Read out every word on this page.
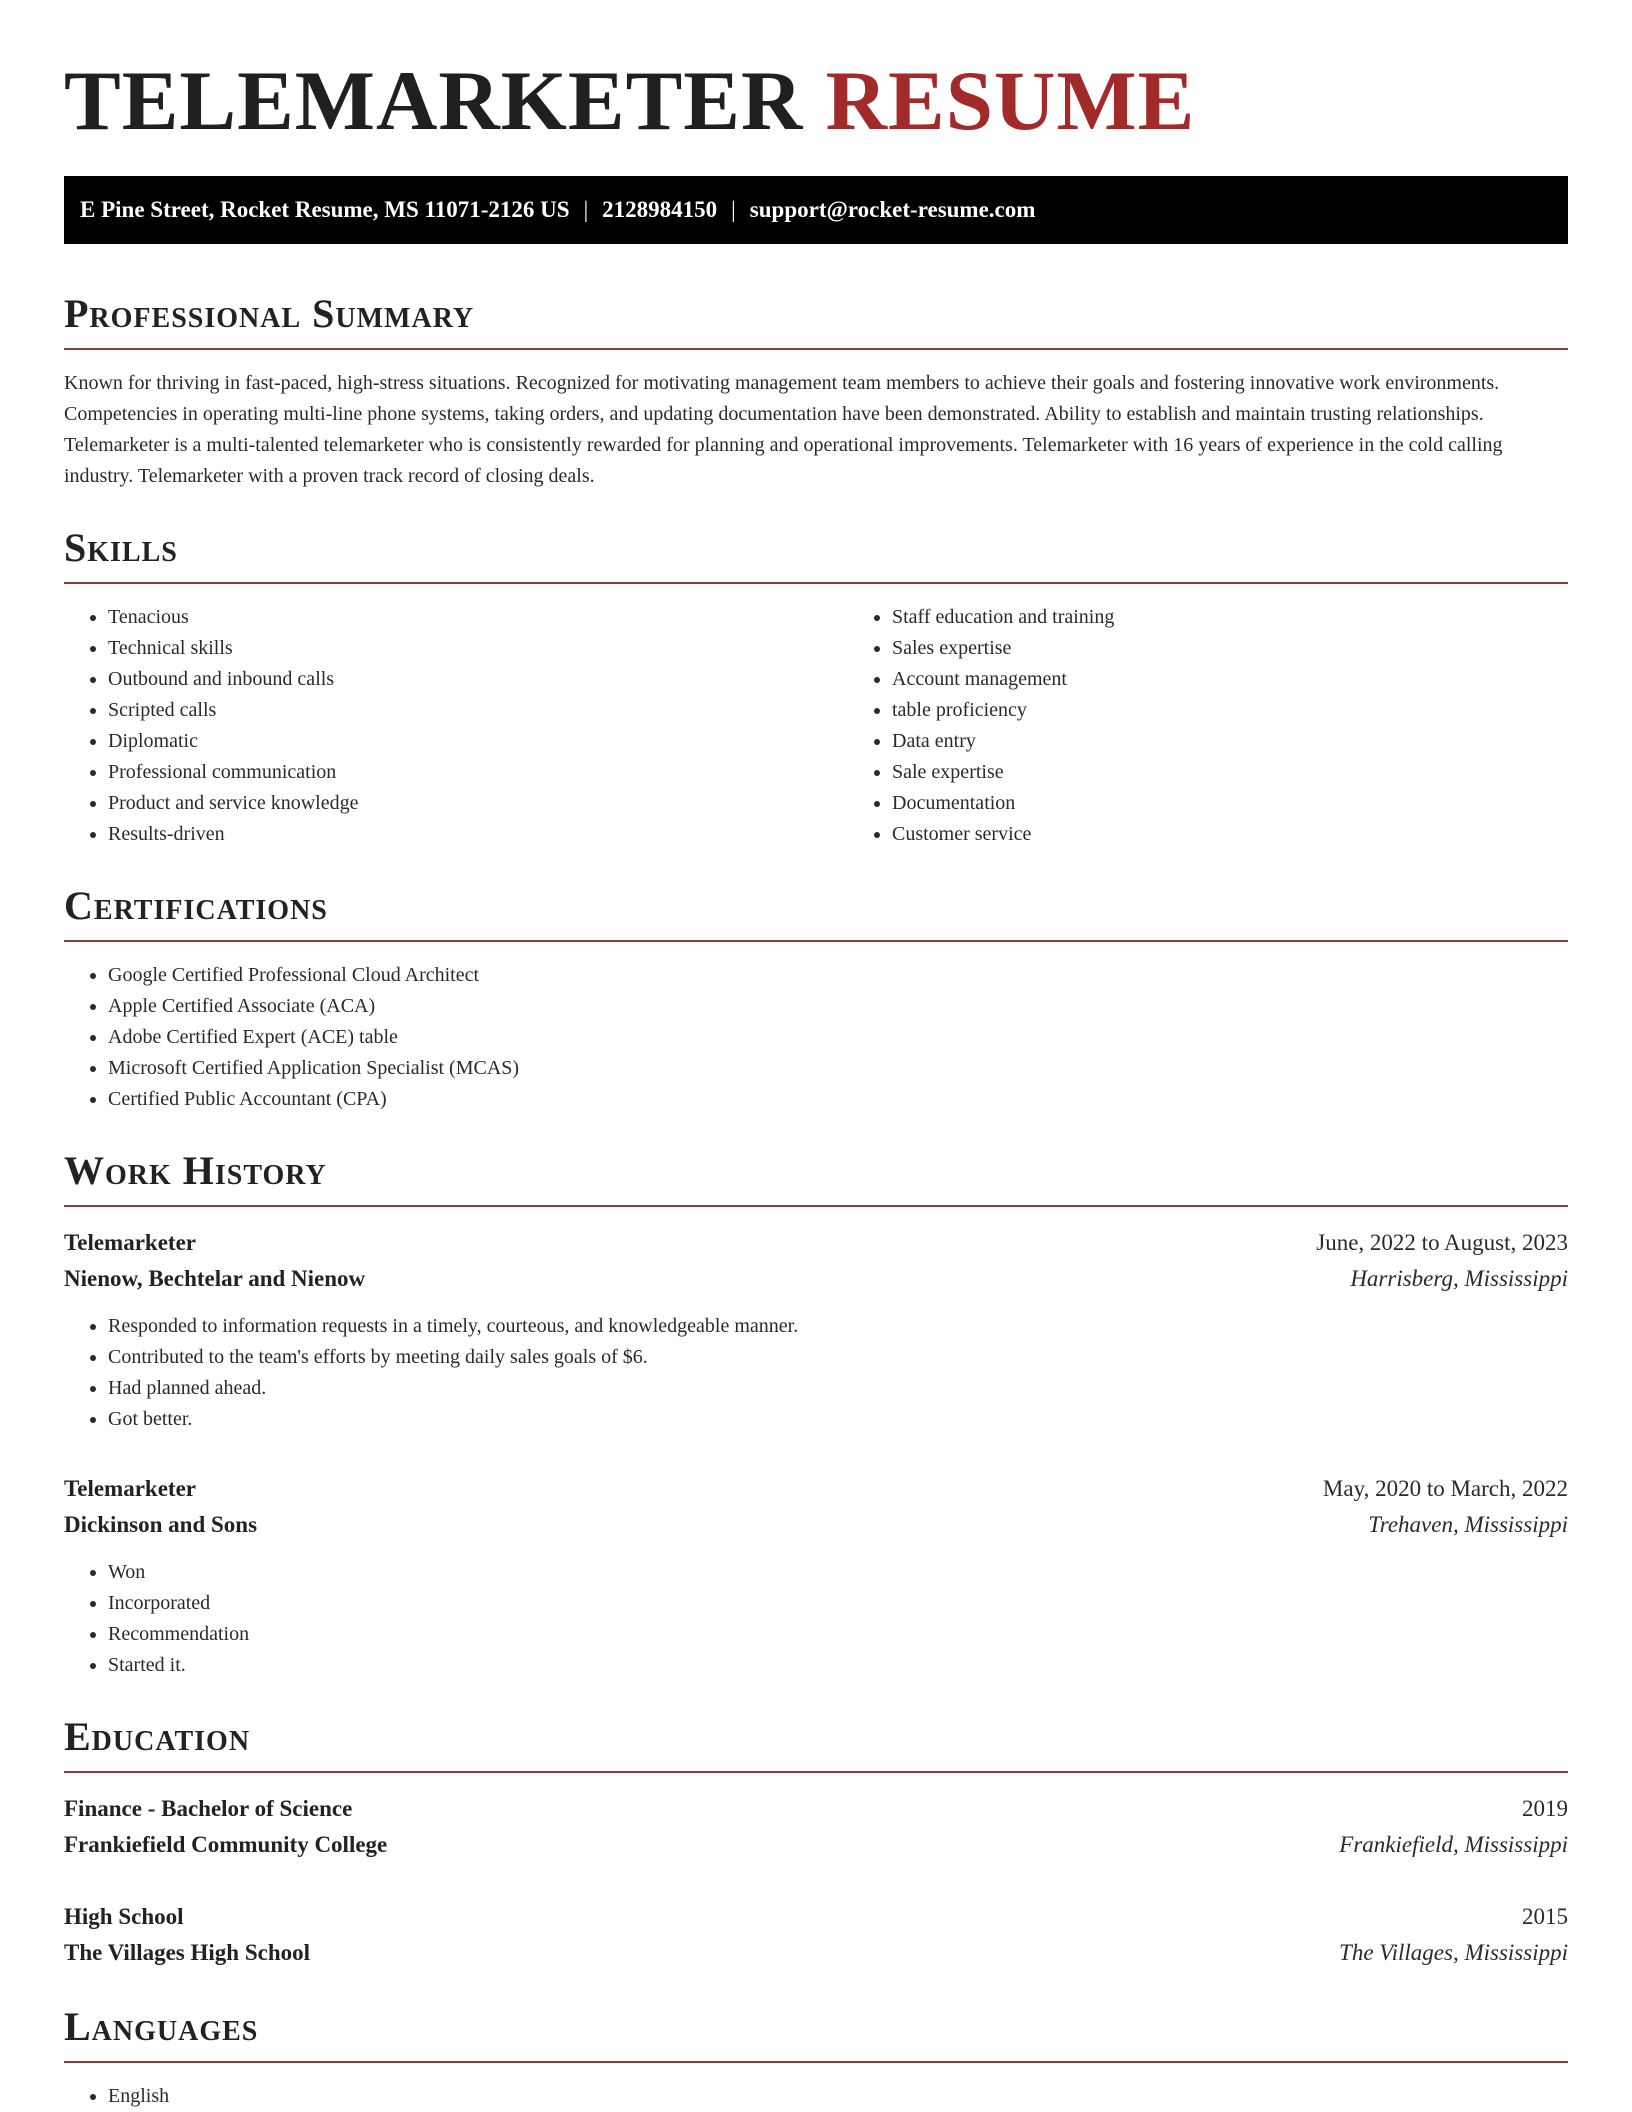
TELEMARKETER RESUME
E Pine Street, Rocket Resume, MS 11071-2126 US | 2128984150 | support@rocket-resume.com
Professional Summary

Known for thriving in fast-paced, high-stress situations. Recognized for motivating management team members to achieve their goals and fostering innovative work environments. Competencies in operating multi-line phone systems, taking orders, and updating documentation have been demonstrated. Ability to establish and maintain trusting relationships. Telemarketer is a multi-talented telemarketer who is consistently rewarded for planning and operational improvements. Telemarketer with 16 years of experience in the cold calling industry. Telemarketer with a proven track record of closing deals.

Skills
• Tenacious
• Technical skills
• Outbound and inbound calls
• Scripted calls
• Diplomatic
• Professional communication
• Product and service knowledge
• Results-driven
• Staff education and training
• Sales expertise
• Account management
• table proficiency
• Data entry
• Sale expertise
• Documentation
• Customer service
Certifications
• Google Certified Professional Cloud Architect
• Apple Certified Associate (ACA)
• Adobe Certified Expert (ACE) table
• Microsoft Certified Application Specialist (MCAS)
• Certified Public Accountant (CPA)
Work History
Telemarketer	June, 2022 to August, 2023
Nienow, Bechtelar and Nienow	Harrisberg, Mississippi
• Responded to information requests in a timely, courteous, and knowledgeable manner.
• Contributed to the team's efforts by meeting daily sales goals of $6.
• Had planned ahead.
• Got better.
Telemarketer	May, 2020 to March, 2022
Dickinson and Sons	Trehaven, Mississippi
• Won
• Incorporated
• Recommendation
• Started it.
Education
Finance - Bachelor of Science	2019
Frankiefield Community College	Frankiefield, Mississippi
High School	2015
The Villages High School	The Villages, Mississippi
Languages
• English
